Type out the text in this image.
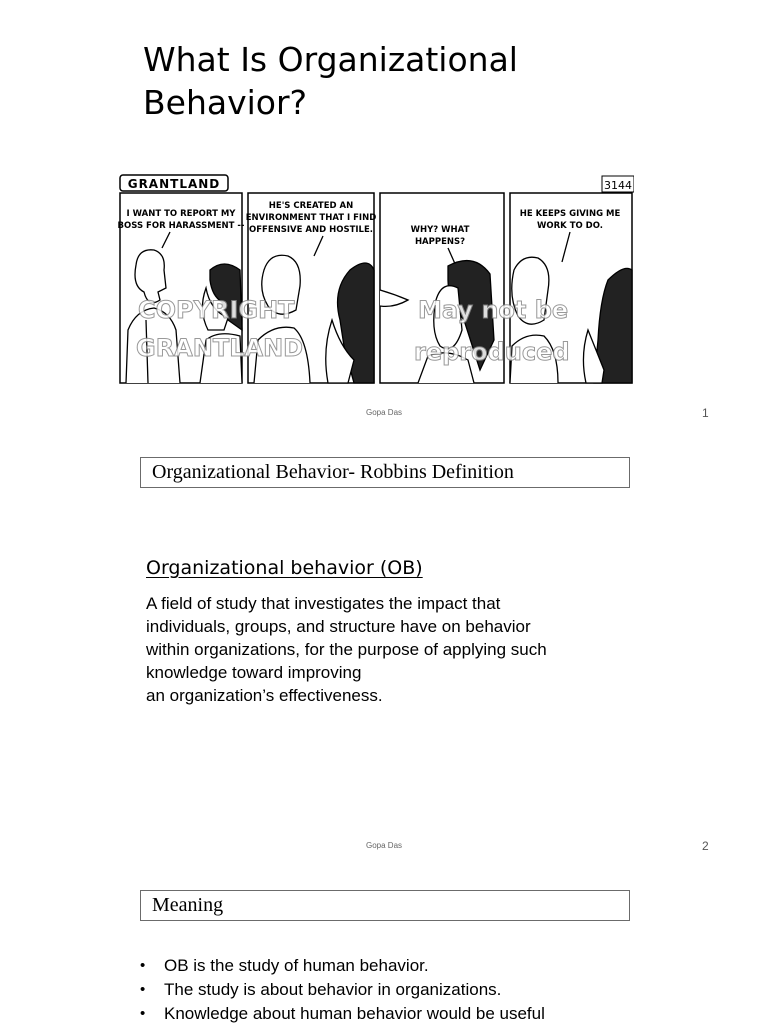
What Is Organizational
Behavior?
GRANTLAND	3144
I WANT TO REPORT MY
BOSS FOR HARASSMENT --
HE'S CREATED AN
ENVIRONMENT THAT I FIND
OFFENSIVE AND HOSTILE.	WHY? WHAT
HAPPENS?
HE KEEPS GIVING ME
WORK TO DO.
COPYRIGHT
GRANTLAND
May not be
reproduced
Gopa Das	1
Organizational Behavior- Robbins Definition
Organizational behavior (OB)

A field of study that investigates the impact that
individuals, groups, and structure have on behavior
within organizations, for the purpose of applying such
knowledge toward improving
an organization’s effectiveness.

Gopa Das	2
Meaning
•	OB is the study of human behavior.
•	The study is about behavior in organizations.
•	Knowledge about human behavior would be useful
